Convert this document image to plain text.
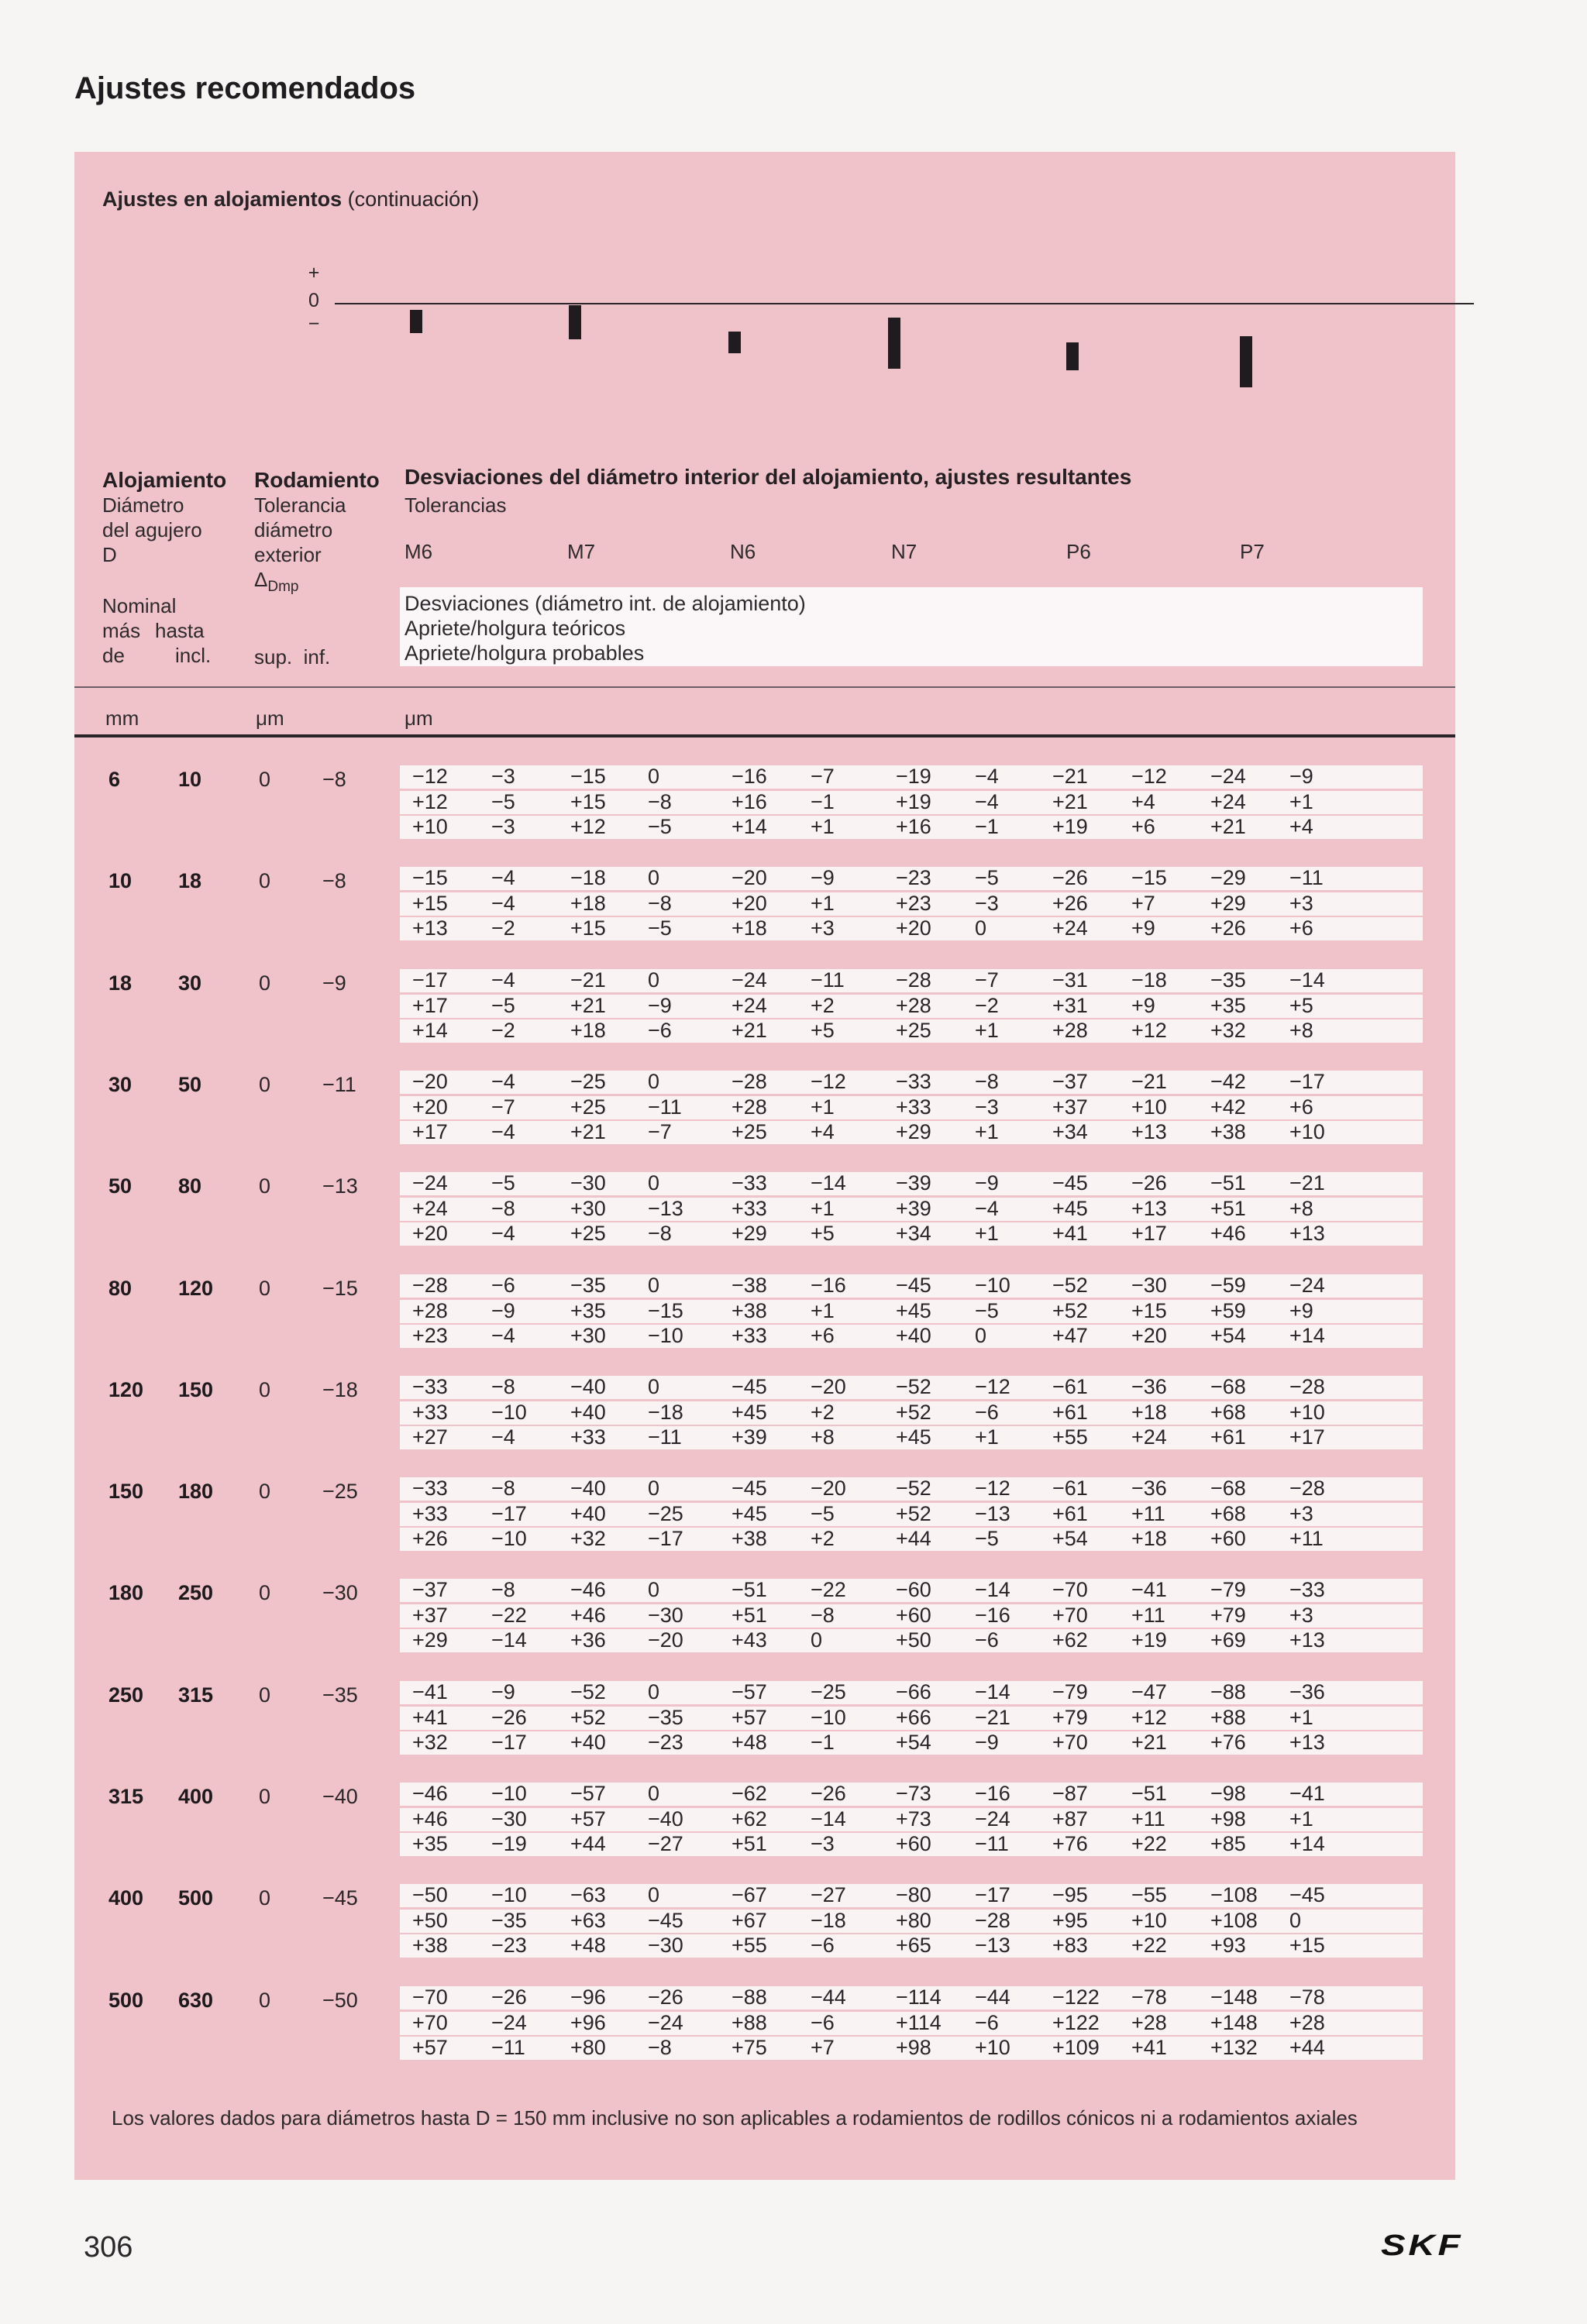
Ajustes recomendados
Ajustes en alojamientos (continuación)
+
0
−
Alojamiento Rodamiento Desviaciones del diámetro interior del alojamiento, ajustes resultantes
Diámetro
del agujero
D
Tolerancia
diámetro
exterior
$\Delta_{Dmp}$
Tolerancias
M6	M7	N6	N7	P6	P7
Nominal
más hasta
de	incl. sup.  inf.
Desviaciones (diámetro int. de alojamiento)
Apriete/holgura teóricos
Apriete/holgura probables
mm	μm	μm
6	10	0 −8	−12 −3	−15 0	−16 −7	−19 −4	−21 −12 −24 −9
+12 −5	+15 −8	+16 −1	+19 −4	+21 +4	+24 +1
+10 −3	+12 −5	+14 +1	+16 −1	+19 +6	+21 +4
10 18	0 −8	−15 −4	−18 0	−20 −9	−23 −5	−26 −15 −29 −11
+15 −4	+18 −8	+20 +1	+23 −3	+26 +7	+29 +3
+13 −2	+15 −5	+18 +3	+20 0	+24 +9	+26 +6
18 30	0 −9	−17 −4	−21 0	−24 −11 −28 −7	−31 −18 −35 −14
+17 −5	+21 −9	+24 +2	+28 −2	+31 +9	+35 +5
+14 −2	+18 −6	+21 +5	+25 +1	+28 +12 +32 +8
30 50	0 −11	−20 −4	−25 0	−28 −12 −33 −8	−37 −21 −42 −17
+20 −7	+25 −11 +28 +1	+33 −3	+37 +10 +42 +6
+17 −4	+21 −7	+25 +4	+29 +1	+34 +13 +38 +10
50 80	0 −13	−24 −5	−30 0	−33 −14 −39 −9	−45 −26 −51 −21
+24 −8	+30 −13 +33 +1	+39 −4	+45 +13 +51 +8
+20 −4	+25 −8	+29 +5	+34 +1	+41 +17 +46 +13
80 120 0 −15	−28 −6	−35 0	−38 −16 −45 −10 −52 −30 −59 −24
+28 −9	+35 −15 +38 +1	+45 −5	+52 +15 +59 +9
+23 −4	+30 −10 +33 +6	+40 0	+47 +20 +54 +14
120 150 0 −18	−33 −8	−40 0	−45 −20 −52 −12 −61 −36 −68 −28
+33 −10 +40 −18 +45 +2	+52 −6	+61 +18 +68 +10
+27 −4	+33 −11 +39 +8	+45 +1	+55 +24 +61 +17
150 180 0 −25	−33 −8	−40 0	−45 −20 −52 −12 −61 −36 −68 −28
+33 −17 +40 −25 +45 −5	+52 −13 +61 +11 +68 +3
+26 −10 +32 −17 +38 +2	+44 −5	+54 +18 +60 +11
180 250 0 −30	−37 −8	−46 0	−51 −22 −60 −14 −70 −41 −79 −33
+37 −22 +46 −30 +51 −8	+60 −16 +70 +11 +79 +3
+29 −14 +36 −20 +43 0	+50 −6	+62 +19 +69 +13
250 315 0 −35	−41 −9	−52 0	−57 −25 −66 −14 −79 −47 −88 −36
+41 −26 +52 −35 +57 −10 +66 −21 +79 +12 +88 +1
+32 −17 +40 −23 +48 −1	+54 −9	+70 +21 +76 +13
315 400 0 −40	−46 −10 −57 0	−62 −26 −73 −16 −87 −51 −98 −41
+46 −30 +57 −40 +62 −14 +73 −24 +87 +11 +98 +1
+35 −19 +44 −27 +51 −3	+60 −11 +76 +22 +85 +14
400 500 0 −45	−50 −10 −63 0	−67 −27 −80 −17 −95 −55 −108 −45
+50 −35 +63 −45 +67 −18 +80 −28 +95 +10 +108 0
+38 −23 +48 −30 +55 −6	+65 −13 +83 +22 +93 +15
500 630 0 −50	−70 −26 −96 −26 −88 −44 −114 −44 −122 −78 −148 −78
+70 −24 +96 −24 +88 −6	+114 −6	+122 +28 +148 +28
+57 −11 +80 −8	+75 +7	+98 +10 +109 +41 +132 +44
Los valores dados para diámetros hasta D = 150 mm inclusive no son aplicables a rodamientos de rodillos cónicos ni a rodamientos axiales
306	SKF
